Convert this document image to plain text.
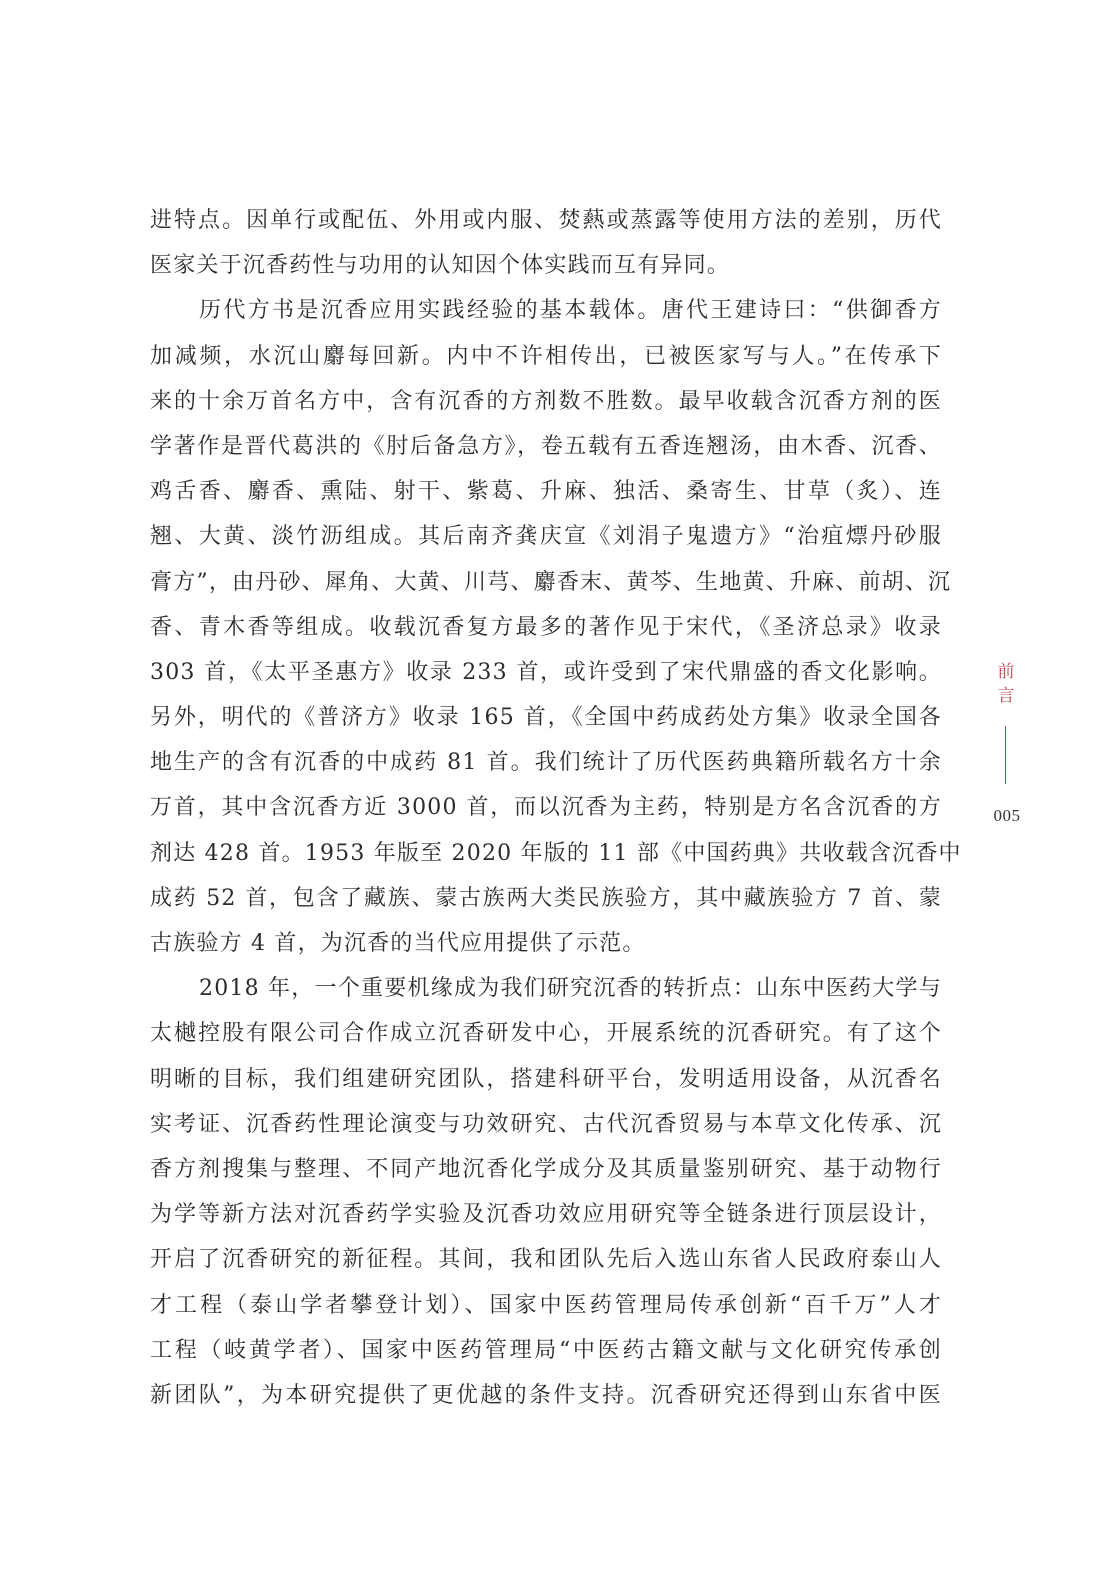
进特点。因单行或配伍、外用或内服、焚爇或蒸露等使用方法的差别，历代
医家关于沉香药性与功用的认知因个体实践而互有异同。
历代方书是沉香应用实践经验的基本载体。唐代王建诗曰：“供御香方
加减频，水沉山麝每回新。内中不许相传出，已被医家写与人。”在传承下
来的十余万首名方中，含有沉香的方剂数不胜数。最早收载含沉香方剂的医
学著作是晋代葛洪的《肘后备急方》，卷五载有五香连翘汤，由木香、沉香、
鸡舌香、麝香、熏陆、射干、紫葛、升麻、独活、桑寄生、甘草（炙）、连
翘、大黄、淡竹沥组成。其后南齐龚庆宣《刘涓子鬼遗方》“治疽熛丹砂服
膏方”，由丹砂、犀角、大黄、川芎、麝香末、黄芩、生地黄、升麻、前胡、沉
香、青木香等组成。收载沉香复方最多的著作见于宋代，《圣济总录》收录
303 首，《太平圣惠方》收录 233 首，或许受到了宋代鼎盛的香文化影响。
另外，明代的《普济方》收录 165 首，《全国中药成药处方集》收录全国各
地生产的含有沉香的中成药 81 首。我们统计了历代医药典籍所载名方十余
万首，其中含沉香方近 3000 首，而以沉香为主药，特别是方名含沉香的方
剂达 428 首。1953 年版至 2020 年版的 11 部《中国药典》共收载含沉香中
成药 52 首，包含了藏族、蒙古族两大类民族验方，其中藏族验方 7 首、蒙
古族验方 4 首，为沉香的当代应用提供了示范。
2018 年，一个重要机缘成为我们研究沉香的转折点：山东中医药大学与
太樾控股有限公司合作成立沉香研发中心，开展系统的沉香研究。有了这个
明晰的目标，我们组建研究团队，搭建科研平台，发明适用设备，从沉香名
实考证、沉香药性理论演变与功效研究、古代沉香贸易与本草文化传承、沉
香方剂搜集与整理、不同产地沉香化学成分及其质量鉴别研究、基于动物行
为学等新方法对沉香药学实验及沉香功效应用研究等全链条进行顶层设计，
开启了沉香研究的新征程。其间，我和团队先后入选山东省人民政府泰山人
才工程（泰山学者攀登计划）、国家中医药管理局传承创新“百千万”人才
工程（岐黄学者）、国家中医药管理局“中医药古籍文献与文化研究传承创
新团队”，为本研究提供了更优越的条件支持。沉香研究还得到山东省中医
前言
005
